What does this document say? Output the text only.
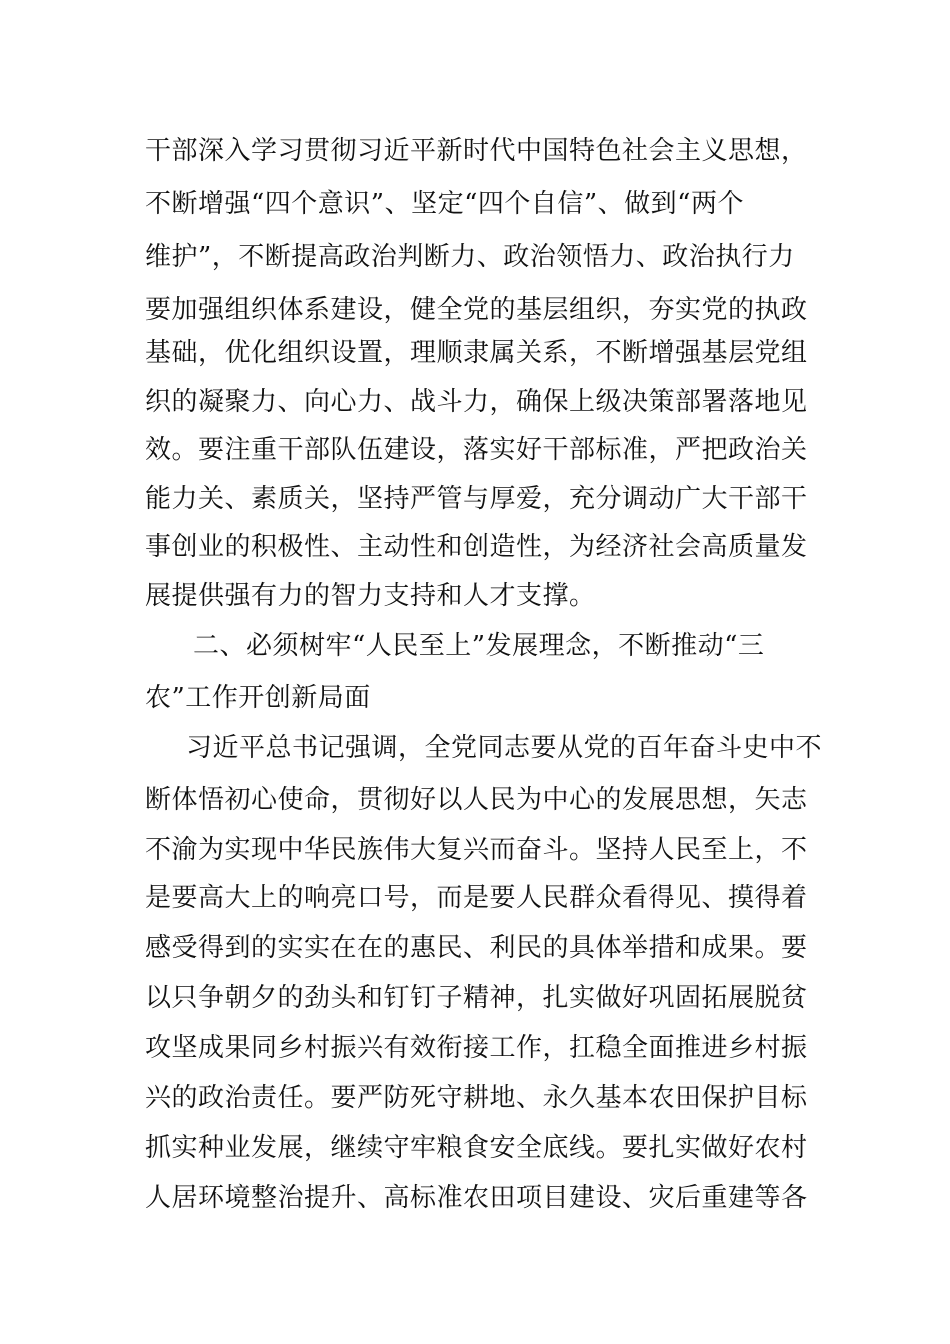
干部深入学习贯彻习近平新时代中国特色社会主义思想，
不断增强“四个意识”、坚定“四个自信”、做到“两个
维护”，不断提高政治判断力、政治领悟力、政治执行力
要加强组织体系建设，健全党的基层组织，夯实党的执政
基础，优化组织设置，理顺隶属关系，不断增强基层党组
织的凝聚力、向心力、战斗力，确保上级决策部署落地见
效。要注重干部队伍建设，落实好干部标准，严把政治关
能力关、素质关，坚持严管与厚爱，充分调动广大干部干
事创业的积极性、主动性和创造性，为经济社会高质量发
展提供强有力的智力支持和人才支撑。
二、必须树牢“人民至上”发展理念，不断推动“三
农”工作开创新局面
习近平总书记强调，全党同志要从党的百年奋斗史中不
断体悟初心使命，贯彻好以人民为中心的发展思想，矢志
不渝为实现中华民族伟大复兴而奋斗。坚持人民至上，不
是要高大上的响亮口号，而是要人民群众看得见、摸得着
感受得到的实实在在的惠民、利民的具体举措和成果。要
以只争朝夕的劲头和钉钉子精神，扎实做好巩固拓展脱贫
攻坚成果同乡村振兴有效衔接工作，扛稳全面推进乡村振
兴的政治责任。要严防死守耕地、永久基本农田保护目标
抓实种业发展，继续守牢粮食安全底线。要扎实做好农村
人居环境整治提升、高标准农田项目建设、灾后重建等各
